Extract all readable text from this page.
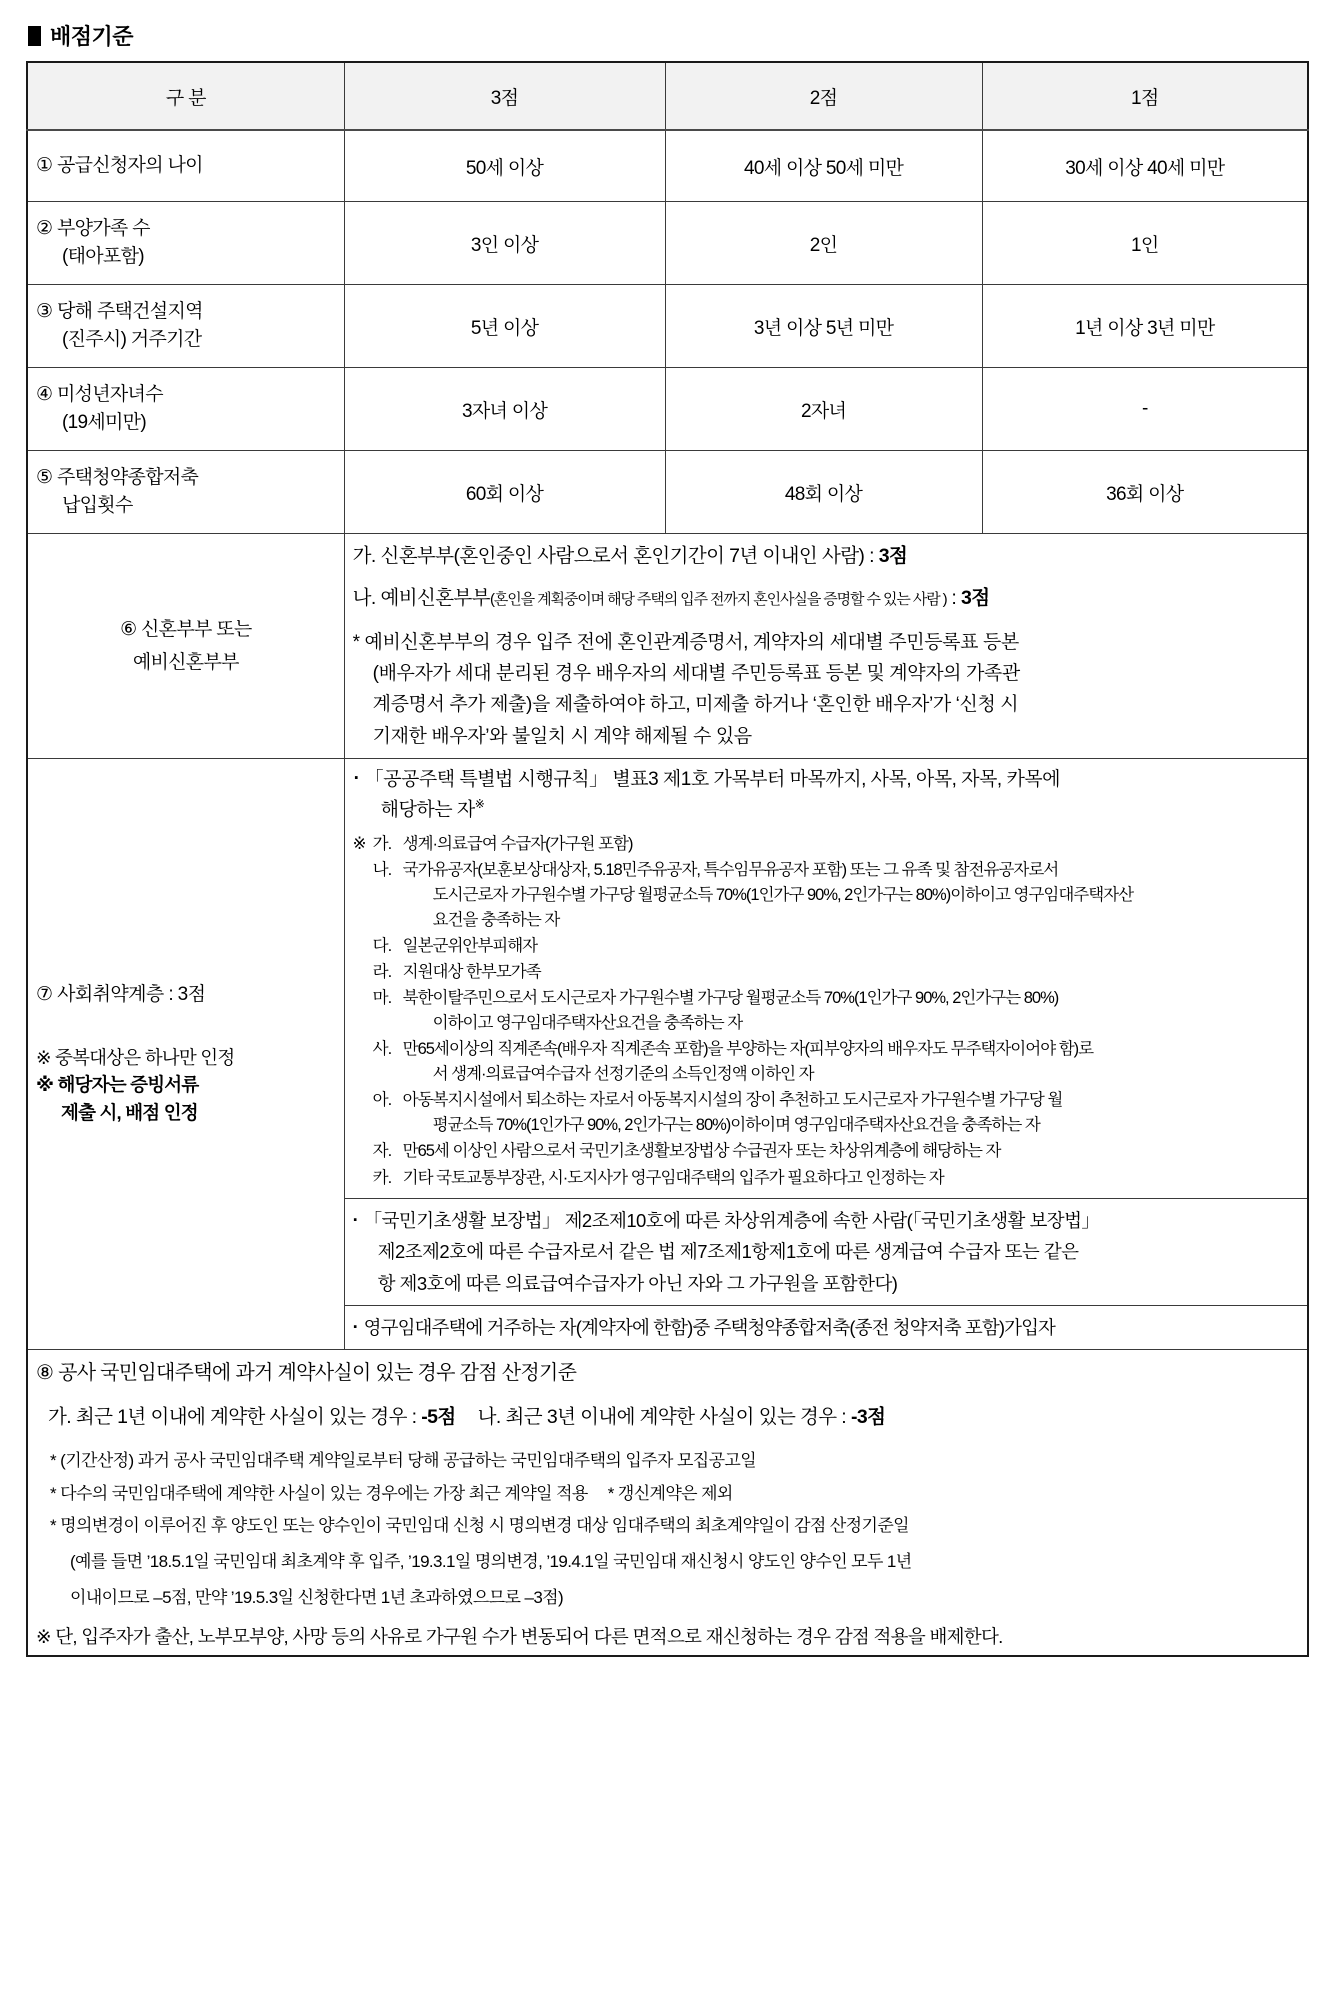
배점기준
구 분	3점	2점	1점

① 공급신청자의 나이	50세 이상	40세 이상 50세 미만	30세 이상 40세 미만

② 부양가족 수
(태아포함)	3인 이상	2인	1인

③ 당해 주택건설지역
(진주시) 거주기간	5년 이상	3년 이상 5년 미만	1년 이상 3년 미만

④ 미성년자녀수
(19세미만)	3자녀 이상	2자녀	-

⑤ 주택청약종합저축
납입횟수	60회 이상	48회 이상	36회 이상

⑥ 신혼부부 또는
예비신혼부부

가. 신혼부부(혼인중인 사람으로서 혼인기간이 7년 이내인 사람) : 3점
나. 예비신혼부부(혼인을 계획중이며 해당 주택의 입주 전까지 혼인사실을 증명할 수 있는 사람 ) : 3점
* 예비신혼부부의 경우 입주 전에 혼인관계증명서, 계약자의 세대별 주민등록표 등본
(배우자가 세대 분리된 경우 배우자의 세대별 주민등록표 등본 및 계약자의 가족관
계증명서 추가 제출)을 제출하여야 하고, 미제출 하거나 ‘혼인한 배우자’가 ‘신청 시
기재한 배우자’와 불일치 시 계약 해제될 수 있음

⑦ 사회취약계층 : 3점
※ 중복대상은 하나만 인정
※ 해당자는 증빙서류
제출 시, 배점 인정

· 「공공주택 특별법 시행규칙」 별표3 제1호 가목부터 마목까지, 사목, 아목, 자목, 카목에
해당하는 자※
※ 가. 생계·의료급여 수급자(가구원 포함)
나. 국가유공자(보훈보상대상자, 5.18민주유공자, 특수임무유공자 포함) 또는 그 유족 및 참전유공자로서
도시근로자 가구원수별 가구당 월평균소득 70%(1인가구 90%, 2인가구는 80%)이하이고 영구임대주택자산
요건을 충족하는 자
다. 일본군위안부피해자
라. 지원대상 한부모가족
마. 북한이탈주민으로서 도시근로자 가구원수별 가구당 월평균소득 70%(1인가구 90%, 2인가구는 80%)
이하이고 영구임대주택자산요건을 충족하는 자
사. 만65세이상의 직계존속(배우자 직계존속 포함)을 부양하는 자(피부양자의 배우자도 무주택자이어야 함)로
서 생계·의료급여수급자 선정기준의 소득인정액 이하인 자
아. 아동복지시설에서 퇴소하는 자로서 아동복지시설의 장이 추천하고 도시근로자 가구원수별 가구당 월
평균소득 70%(1인가구 90%, 2인가구는 80%)이하이며 영구임대주택자산요건을 충족하는 자
자. 만65세 이상인 사람으로서 국민기초생활보장법상 수급권자 또는 차상위계층에 해당하는 자
카. 기타 국토교통부장관, 시·도지사가 영구임대주택의 입주가 필요하다고 인정하는 자

	· 「국민기초생활 보장법」 제2조제10호에 따른 차상위계층에 속한 사람(「국민기초생활 보장법」
제2조제2호에 따른 수급자로서 같은 법 제7조제1항제1호에 따른 생계급여 수급자 또는 같은
항 제3호에 따른 의료급여수급자가 아닌 자와 그 가구원을 포함한다)

	· 영구임대주택에 거주하는 자(계약자에 한함)중 주택청약종합저축(종전 청약저축 포함)가입자

⑧ 공사 국민임대주택에 과거 계약사실이 있는 경우 감점 산정기준
가. 최근 1년 이내에 계약한 사실이 있는 경우 : -5점 나. 최근 3년 이내에 계약한 사실이 있는 경우 : -3점
* (기간산정) 과거 공사 국민임대주택 계약일로부터 당해 공급하는 국민임대주택의 입주자 모집공고일
* 다수의 국민임대주택에 계약한 사실이 있는 경우에는 가장 최근 계약일 적용 * 갱신계약은 제외
* 명의변경이 이루어진 후 양도인 또는 양수인이 국민임대 신청 시 명의변경 대상 임대주택의 최초계약일이 감점 산정기준일
(예를 들면 ’18.5.1일 국민임대 최초계약 후 입주, ’19.3.1일 명의변경, ’19.4.1일 국민임대 재신청시 양도인 양수인 모두 1년
이내이므로 –5점, 만약 ’19.5.3일 신청한다면 1년 초과하였으므로 –3점)
※ 단, 입주자가 출산, 노부모부양, 사망 등의 사유로 가구원 수가 변동되어 다른 면적으로 재신청하는 경우 감점 적용을 배제한다.
